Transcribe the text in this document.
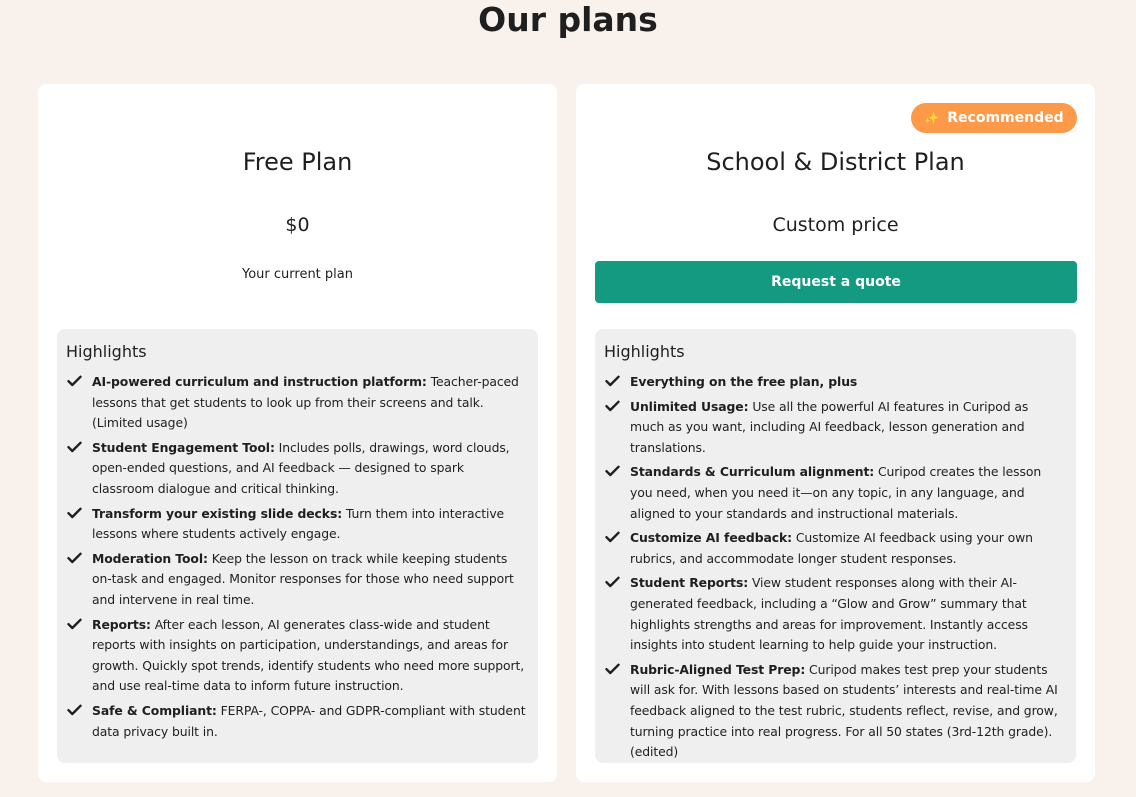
Our plans
Free Plan
$0
Your current plan
Highlights
AI-powered curriculum and instruction platform: Teacher-paced lessons that get students to look up from their screens and talk. (Limited usage)
Student Engagement Tool: Includes polls, drawings, word clouds, open-ended questions, and AI feedback — designed to spark classroom dialogue and critical thinking.
Transform your existing slide decks: Turn them into interactive lessons where students actively engage.
Moderation Tool: Keep the lesson on track while keeping students on-task and engaged. Monitor responses for those who need support and intervene in real time.
Reports: After each lesson, AI generates class-wide and student reports with insights on participation, understandings, and areas for growth. Quickly spot trends, identify students who need more support, and use real-time data to inform future instruction.
Safe & Compliant: FERPA-, COPPA- and GDPR-compliant with student data privacy built in.
✨ Recommended
School & District Plan
Custom price
Request a quote
Highlights
Everything on the free plan, plus
Unlimited Usage: Use all the powerful AI features in Curipod as much as you want, including AI feedback, lesson generation and translations.
Standards & Curriculum alignment: Curipod creates the lesson you need, when you need it—on any topic, in any language, and aligned to your standards and instructional materials.
Customize AI feedback: Customize AI feedback using your own rubrics, and accommodate longer student responses.
Student Reports: View student responses along with their AI-generated feedback, including a “Glow and Grow” summary that highlights strengths and areas for improvement. Instantly access insights into student learning to help guide your instruction.
Rubric-Aligned Test Prep: Curipod makes test prep your students will ask for. With lessons based on students’ interests and real-time AI feedback aligned to the test rubric, students reflect, revise, and grow, turning practice into real progress. For all 50 states (3rd-12th grade). (edited)
